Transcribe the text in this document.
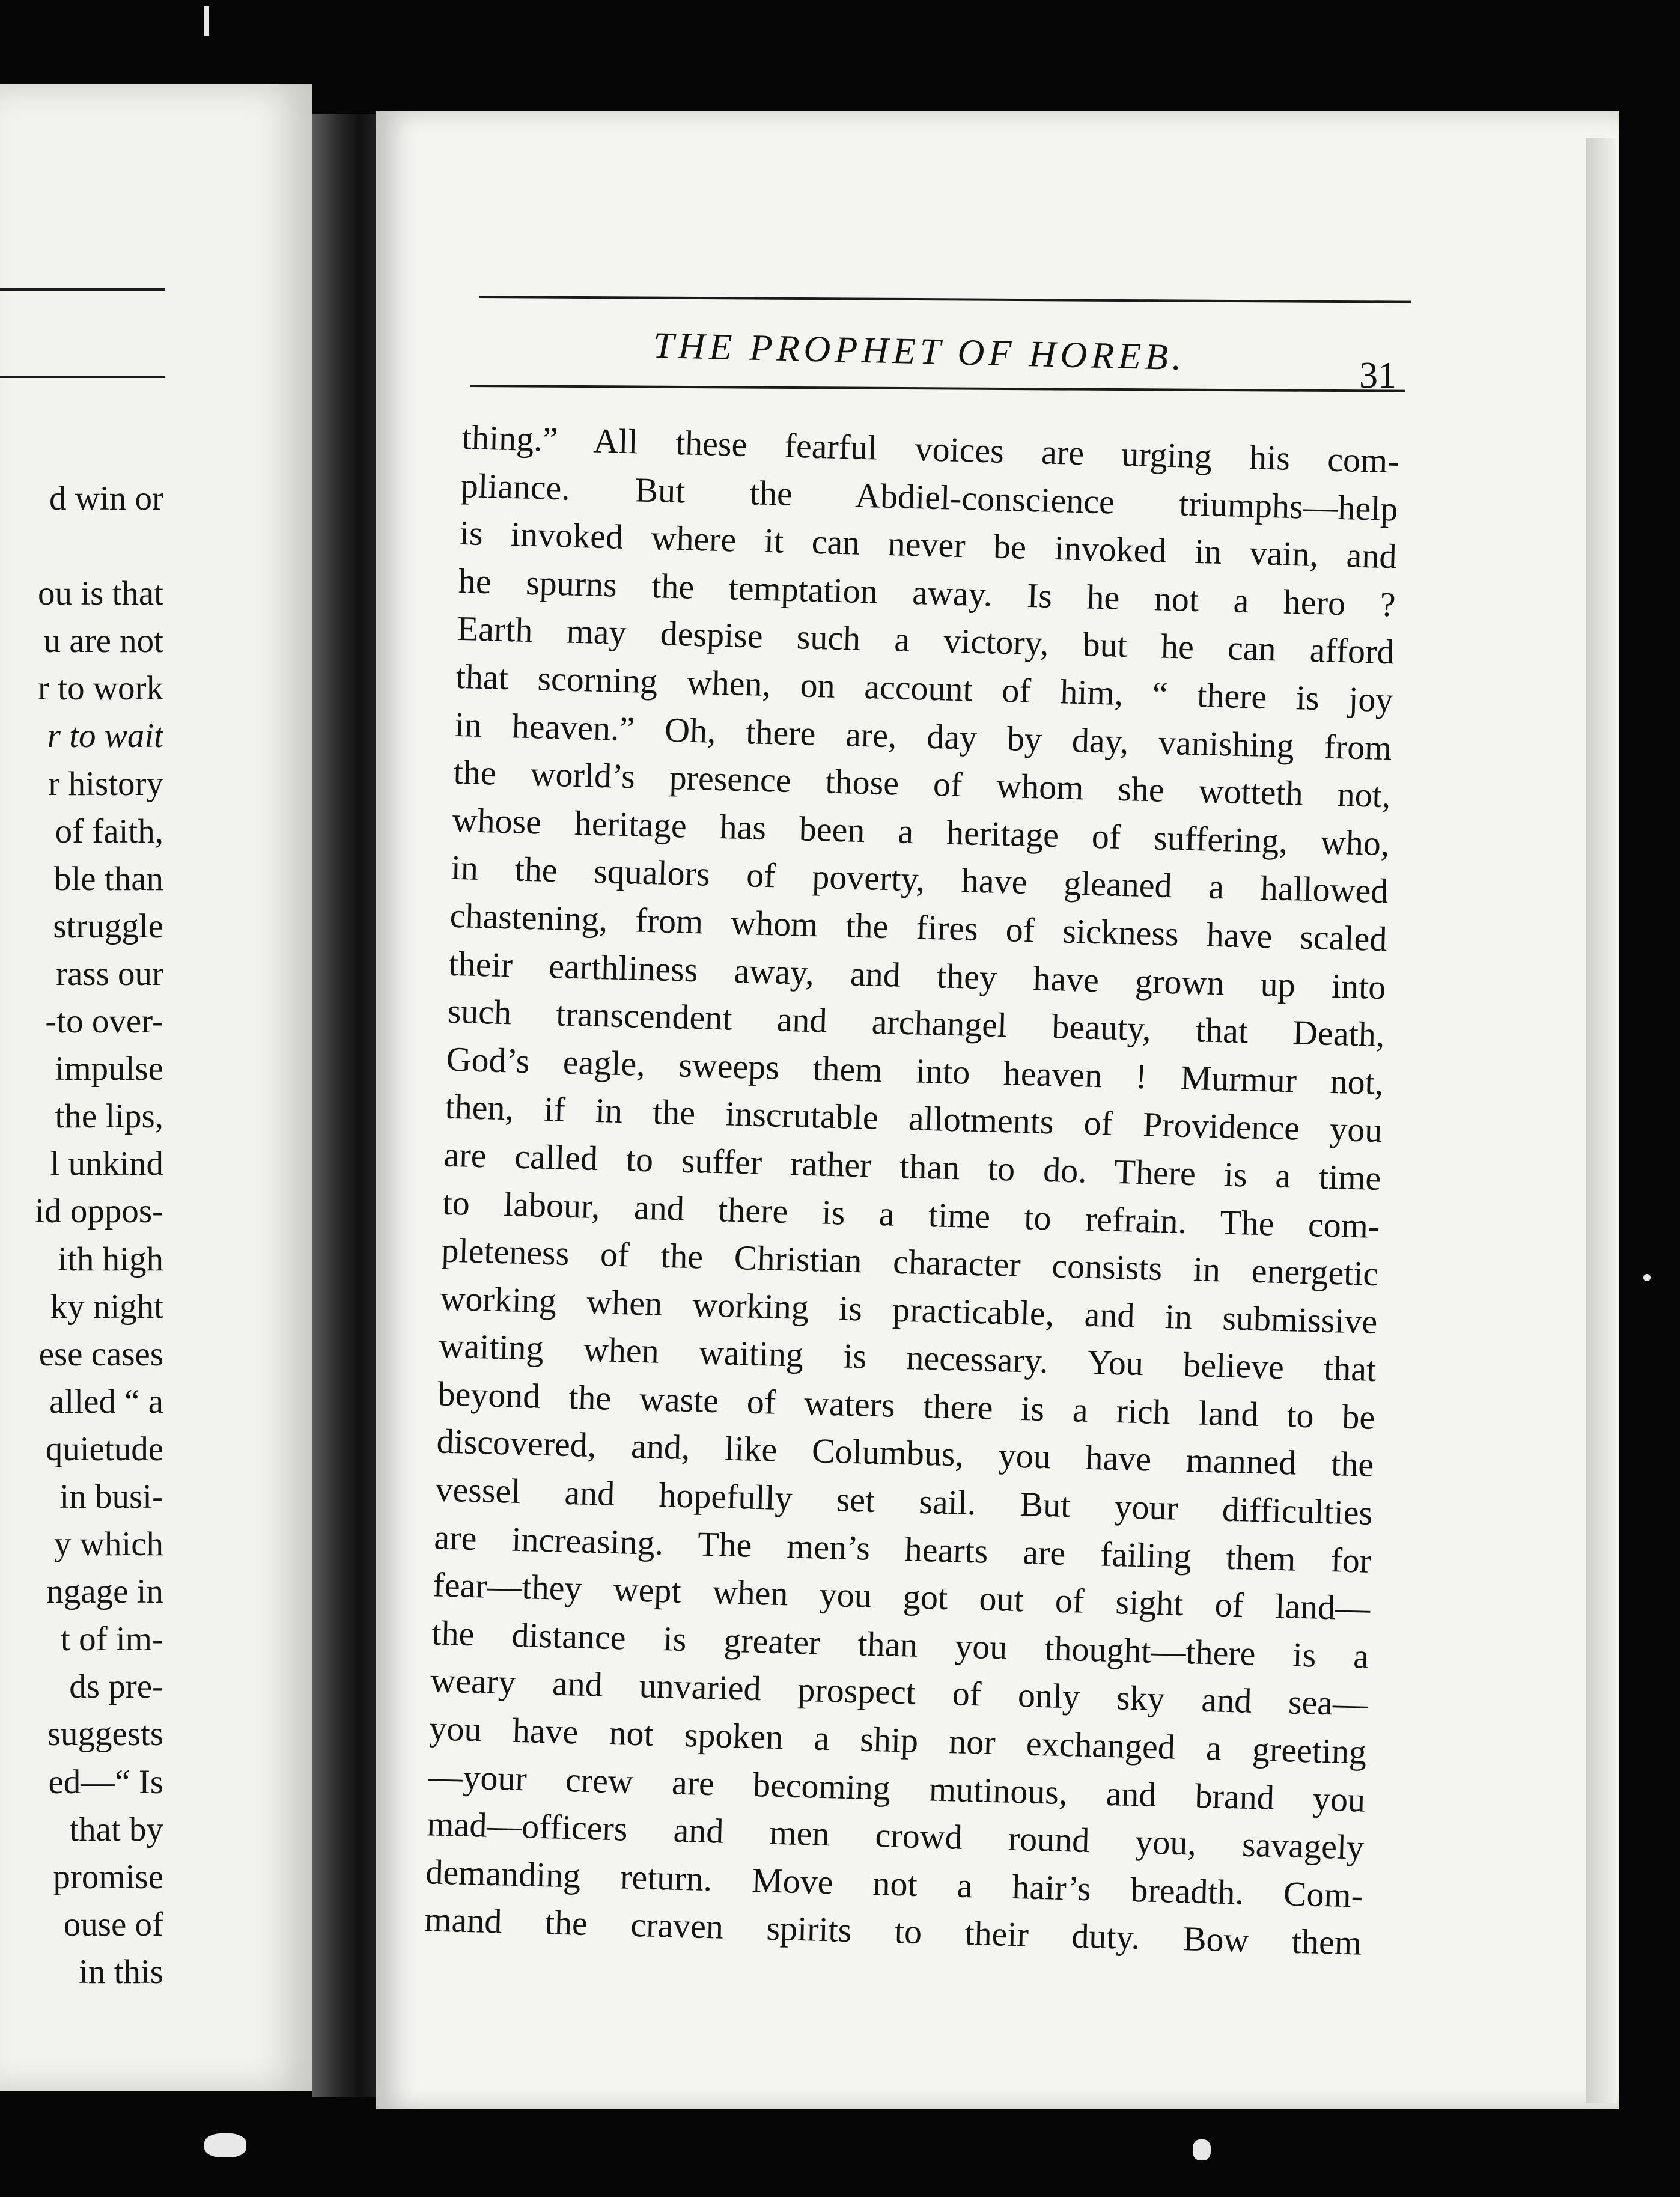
d win or
ou is that
u are not
r to work
r to wait
r history
of faith,
ble than
struggle
rass our
-to over-
impulse
the lips,
l unkind
id oppos-
ith high
ky night
ese cases
alled “ a
quietude
in busi-
y which
ngage in
t of im-
ds pre-
suggests
ed—“ Is
that by
promise
ouse of
in this
THE PROPHET OF HOREB.	31
thing.” All these fearful voices are urging his com-
pliance. But the Abdiel-conscience triumphs—help
is invoked where it can never be invoked in vain, and
he spurns the temptation away. Is he not a hero ?
Earth may despise such a victory, but he can afford
that scorning when, on account of him, “ there is joy
in heaven.” Oh, there are, day by day, vanishing from
the world’s presence those of whom she wotteth not,
whose heritage has been a heritage of suffering, who,
in the squalors of poverty, have gleaned a hallowed
chastening, from whom the fires of sickness have scaled
their earthliness away, and they have grown up into
such transcendent and archangel beauty, that Death,
God’s eagle, sweeps them into heaven ! Murmur not,
then, if in the inscrutable allotments of Providence you
are called to suffer rather than to do. There is a time
to labour, and there is a time to refrain. The com-
pleteness of the Christian character consists in energetic
working when working is practicable, and in submissive
waiting when waiting is necessary. You believe that
beyond the waste of waters there is a rich land to be
discovered, and, like Columbus, you have manned the
vessel and hopefully set sail. But your difficulties
are increasing. The men’s hearts are failing them for
fear—they wept when you got out of sight of land—
the distance is greater than you thought—there is a
weary and unvaried prospect of only sky and sea—
you have not spoken a ship nor exchanged a greeting
—your crew are becoming mutinous, and brand you
mad—officers and men crowd round you, savagely
demanding return. Move not a hair’s breadth. Com-
mand the craven spirits to their duty. Bow them
